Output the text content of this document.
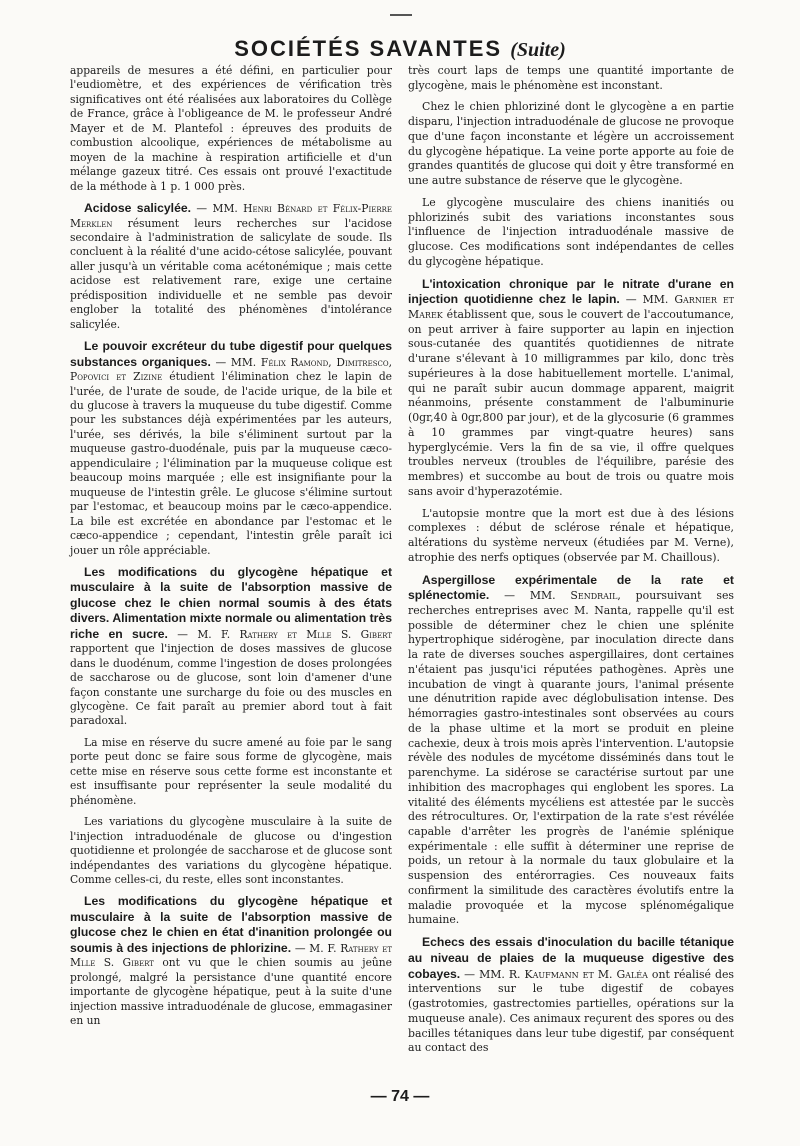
SOCIÉTÉS SAVANTES (Suite)

appareils de mesures a été défini, en particulier pour l'eudiomètre, et des expériences de vérification très significatives ont été réalisées aux laboratoires du Collège de France, grâce à l'obligeance de M. le professeur André Mayer et de M. Plantefol : épreuves des produits de combustion alcoolique, expériences de métabolisme au moyen de la machine à respiration artificielle et d'un mélange gazeux titré. Ces essais ont prouvé l'exactitude de la méthode à 1 p. 1 000 près.

Acidose salicylée. — MM. Henri Bénard et Félix-Pierre Merklen résument leurs recherches sur l'acidose secondaire à l'administration de salicylate de soude. Ils concluent à la réalité d'une acido-cétose salicylée, pouvant aller jusqu'à un véritable coma acétonémique ; mais cette acidose est relativement rare, exige une certaine prédisposition individuelle et ne semble pas devoir englober la totalité des phénomènes d'intolérance salicylée.

Le pouvoir excréteur du tube digestif pour quelques substances organiques. — MM. Félix Ramond, Dimitresco, Popovici et Zizine étudient l'élimination chez le lapin de l'urée, de l'urate de soude, de l'acide urique, de la bile et du glucose à travers la muqueuse du tube digestif. Comme pour les substances déjà expérimentées par les auteurs, l'urée, ses dérivés, la bile s'éliminent surtout par la muqueuse gastro-duodénale, puis par la muqueuse cæco-appendiculaire ; l'élimination par la muqueuse colique est beaucoup moins marquée ; elle est insignifiante pour la muqueuse de l'intestin grêle. Le glucose s'élimine surtout par l'estomac, et beaucoup moins par le cæco-appendice. La bile est excrétée en abondance par l'estomac et le cæco-appendice ; cependant, l'intestin grêle paraît ici jouer un rôle appréciable.

Les modifications du glycogène hépatique et musculaire à la suite de l'absorption massive de glucose chez le chien normal soumis à des états divers. Alimentation mixte normale ou alimentation très riche en sucre. — M. F. Rathery et Mlle S. Gibert rapportent que l'injection de doses massives de glucose dans le duodénum, comme l'ingestion de doses prolongées de saccharose ou de glucose, sont loin d'amener d'une façon constante une surcharge du foie ou des muscles en glycogène. Ce fait paraît au premier abord tout à fait paradoxal.

La mise en réserve du sucre amené au foie par le sang porte peut donc se faire sous forme de glycogène, mais cette mise en réserve sous cette forme est inconstante et est insuffisante pour représenter la seule modalité du phénomène.

Les variations du glycogène musculaire à la suite de l'injection intraduodénale de glucose ou d'ingestion quotidienne et prolongée de saccharose et de glucose sont indépendantes des variations du glycogène hépatique. Comme celles-ci, du reste, elles sont inconstantes.

Les modifications du glycogène hépatique et musculaire à la suite de l'absorption massive de glucose chez le chien en état d'inanition prolongée ou soumis à des injections de phlorizine. — M. F. Rathery et Mlle S. Gibert ont vu que le chien soumis au jeûne prolongé, malgré la persistance d'une quantité encore importante de glycogène hépatique, peut à la suite d'une injection massive intraduodénale de glucose, emmagasiner en un

très court laps de temps une quantité importante de glycogène, mais le phénomène est inconstant.

Chez le chien phloriziné dont le glycogène a en partie disparu, l'injection intraduodénale de glucose ne provoque que d'une façon inconstante et légère un accroissement du glycogène hépatique. La veine porte apporte au foie de grandes quantités de glucose qui doit y être transformé en une autre substance de réserve que le glycogène.

Le glycogène musculaire des chiens inanitiés ou phlorizinés subit des variations inconstantes sous l'influence de l'injection intraduodénale massive de glucose. Ces modifications sont indépendantes de celles du glycogène hépatique.

L'intoxication chronique par le nitrate d'urane en injection quotidienne chez le lapin. — MM. Garnier et Marek établissent que, sous le couvert de l'accoutumance, on peut arriver à faire supporter au lapin en injection sous-cutanée des quantités quotidiennes de nitrate d'urane s'élevant à 10 milligrammes par kilo, donc très supérieures à la dose habituellement mortelle. L'animal, qui ne paraît subir aucun dommage apparent, maigrit néanmoins, présente constamment de l'albuminurie (0gr,40 à 0gr,800 par jour), et de la glycosurie (6 grammes à 10 grammes par vingt-quatre heures) sans hyperglycémie. Vers la fin de sa vie, il offre quelques troubles nerveux (troubles de l'équilibre, parésie des membres) et succombe au bout de trois ou quatre mois sans avoir d'hyperazotémie.

L'autopsie montre que la mort est due à des lésions complexes : début de sclérose rénale et hépatique, altérations du système nerveux (étudiées par M. Verne), atrophie des nerfs optiques (observée par M. Chaillous).

Aspergillose expérimentale de la rate et splénectomie. — MM. Sendrail, poursuivant ses recherches entreprises avec M. Nanta, rappelle qu'il est possible de déterminer chez le chien une splénite hypertrophique sidérogène, par inoculation directe dans la rate de diverses souches aspergillaires, dont certaines n'étaient pas jusqu'ici réputées pathogènes. Après une incubation de vingt à quarante jours, l'animal présente une dénutrition rapide avec déglobulisation intense. Des hémorragies gastro-intestinales sont observées au cours de la phase ultime et la mort se produit en pleine cachexie, deux à trois mois après l'intervention. L'autopsie révèle des nodules de mycétome disséminés dans tout le parenchyme. La sidérose se caractérise surtout par une inhibition des macrophages qui englobent les spores. La vitalité des éléments mycéliens est attestée par le succès des rétrocultures. Or, l'extirpation de la rate s'est révélée capable d'arrêter les progrès de l'anémie splénique expérimentale : elle suffit à déterminer une reprise de poids, un retour à la normale du taux globulaire et la suspension des entérorragies. Ces nouveaux faits confirment la similitude des caractères évolutifs entre la maladie provoquée et la mycose splénomégalique humaine.

Echecs des essais d'inoculation du bacille tétanique au niveau de plaies de la muqueuse digestive des cobayes. — MM. R. Kaufmann et M. Galéa ont réalisé des interventions sur le tube digestif de cobayes (gastrotomies, gastrectomies partielles, opérations sur la muqueuse anale). Ces animaux reçurent des spores ou des bacilles tétaniques dans leur tube digestif, par conséquent au contact des

— 74 —
